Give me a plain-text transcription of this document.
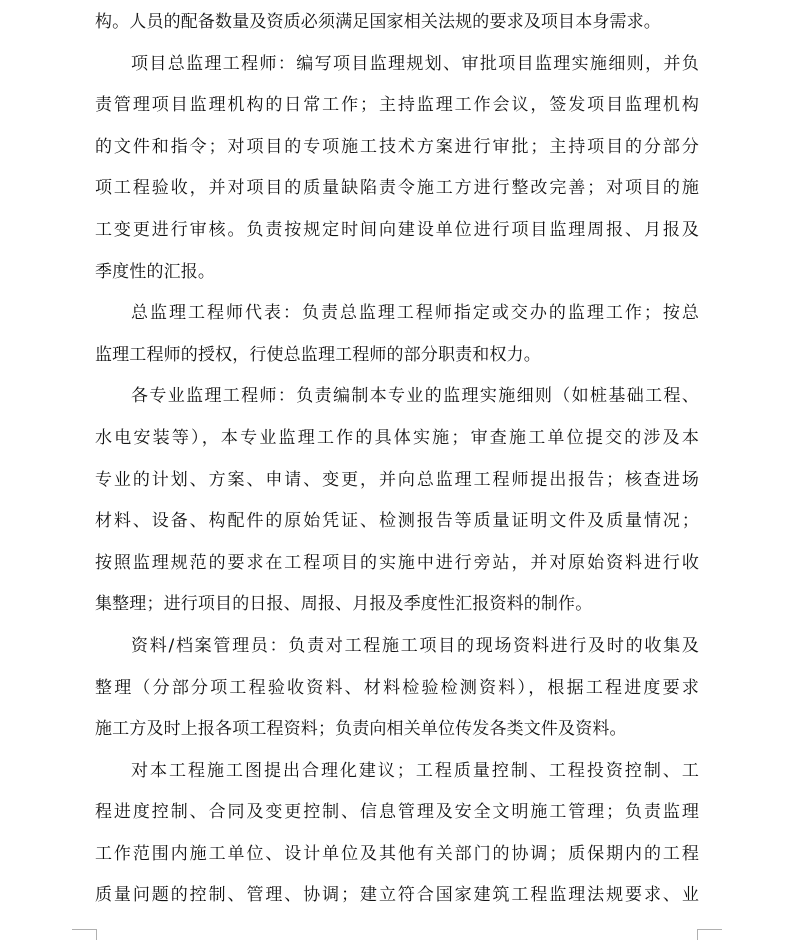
构。人员的配备数量及资质必须满足国家相关法规的要求及项目本身需求。
项目总监理工程师：编写项目监理规划、审批项目监理实施细则，并负
责管理项目监理机构的日常工作；主持监理工作会议，签发项目监理机构
的文件和指令；对项目的专项施工技术方案进行审批；主持项目的分部分
项工程验收，并对项目的质量缺陷责令施工方进行整改完善；对项目的施
工变更进行审核。负责按规定时间向建设单位进行项目监理周报、月报及
季度性的汇报。
总监理工程师代表：负责总监理工程师指定或交办的监理工作；按总
监理工程师的授权，行使总监理工程师的部分职责和权力。
各专业监理工程师：负责编制本专业的监理实施细则（如桩基础工程、
水电安装等），本专业监理工作的具体实施；审查施工单位提交的涉及本
专业的计划、方案、申请、变更，并向总监理工程师提出报告；核查进场
材料、设备、构配件的原始凭证、检测报告等质量证明文件及质量情况；
按照监理规范的要求在工程项目的实施中进行旁站，并对原始资料进行收
集整理；进行项目的日报、周报、月报及季度性汇报资料的制作。
资料/档案管理员：负责对工程施工项目的现场资料进行及时的收集及
整理（分部分项工程验收资料、材料检验检测资料），根据工程进度要求
施工方及时上报各项工程资料；负责向相关单位传发各类文件及资料。
对本工程施工图提出合理化建议；工程质量控制、工程投资控制、工
程进度控制、合同及变更控制、信息管理及安全文明施工管理；负责监理
工作范围内施工单位、设计单位及其他有关部门的协调；质保期内的工程
质量问题的控制、管理、协调；建立符合国家建筑工程监理法规要求、业
